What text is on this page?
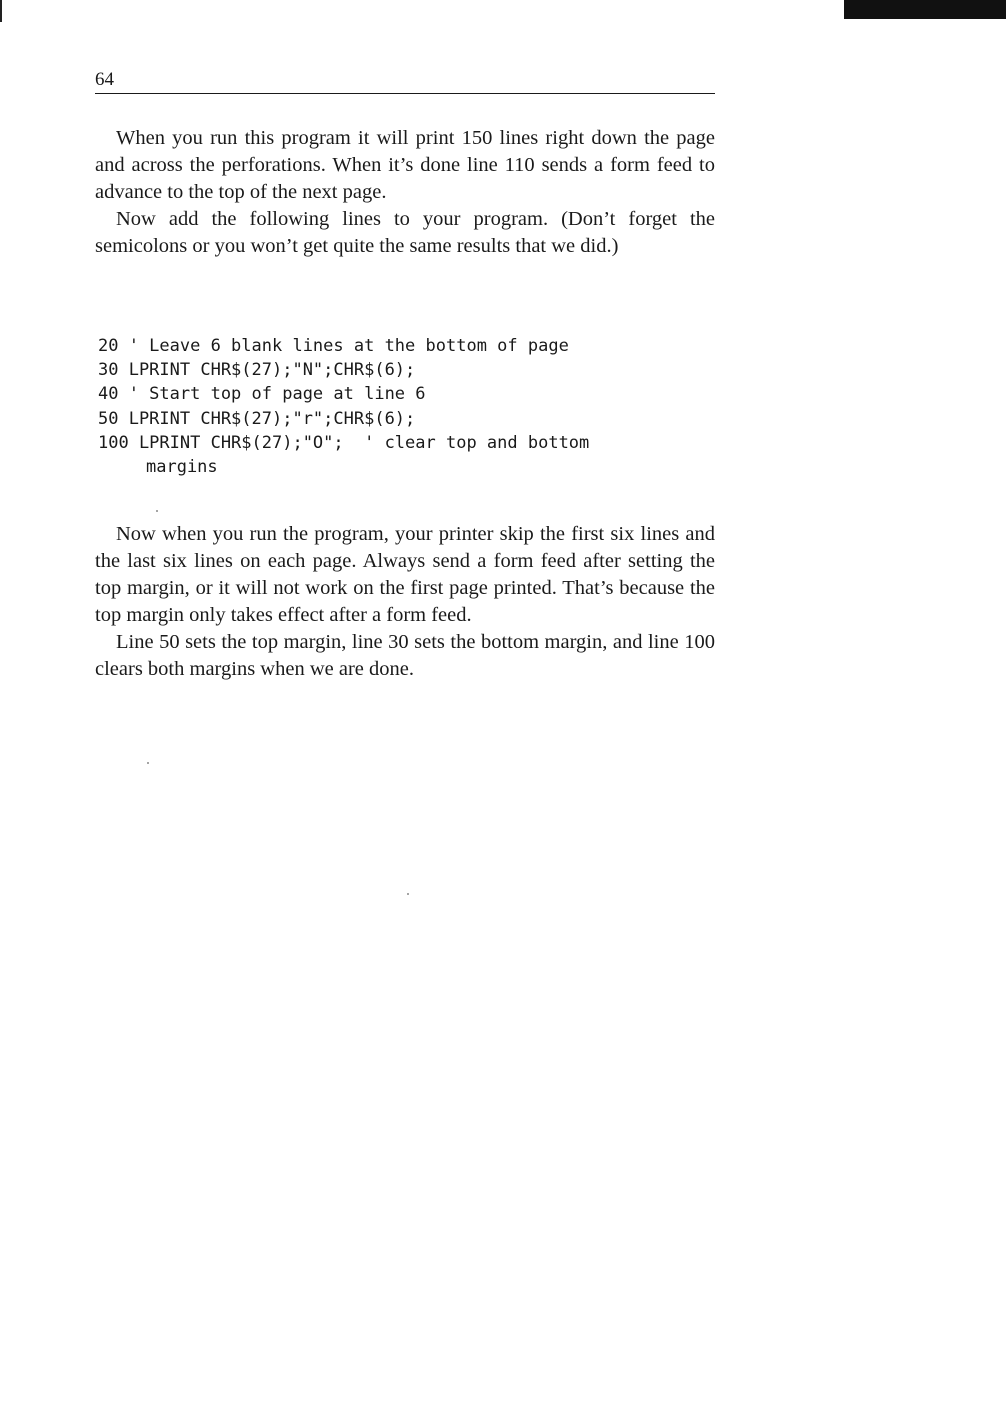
64

When you run this program it will print 150 lines right down the page and across the perforations. When it’s done line 110 sends a form feed to advance to the top of the next page.

Now add the following lines to your program. (Don’t forget the semicolons or you won’t get quite the same results that we did.)

20 ' Leave 6 blank lines at the bottom of page
30 LPRINT CHR$(27);"N";CHR$(6);
40 ' Start top of page at line 6
50 LPRINT CHR$(27);"r";CHR$(6);
100 LPRINT CHR$(27);"O";  ' clear top and bottom
margins

Now when you run the program, your printer skip the first six lines and the last six lines on each page. Always send a form feed after setting the top margin, or it will not work on the first page printed. That’s because the top margin only takes effect after a form feed.

Line 50 sets the top margin, line 30 sets the bottom margin, and line 100 clears both margins when we are done.
